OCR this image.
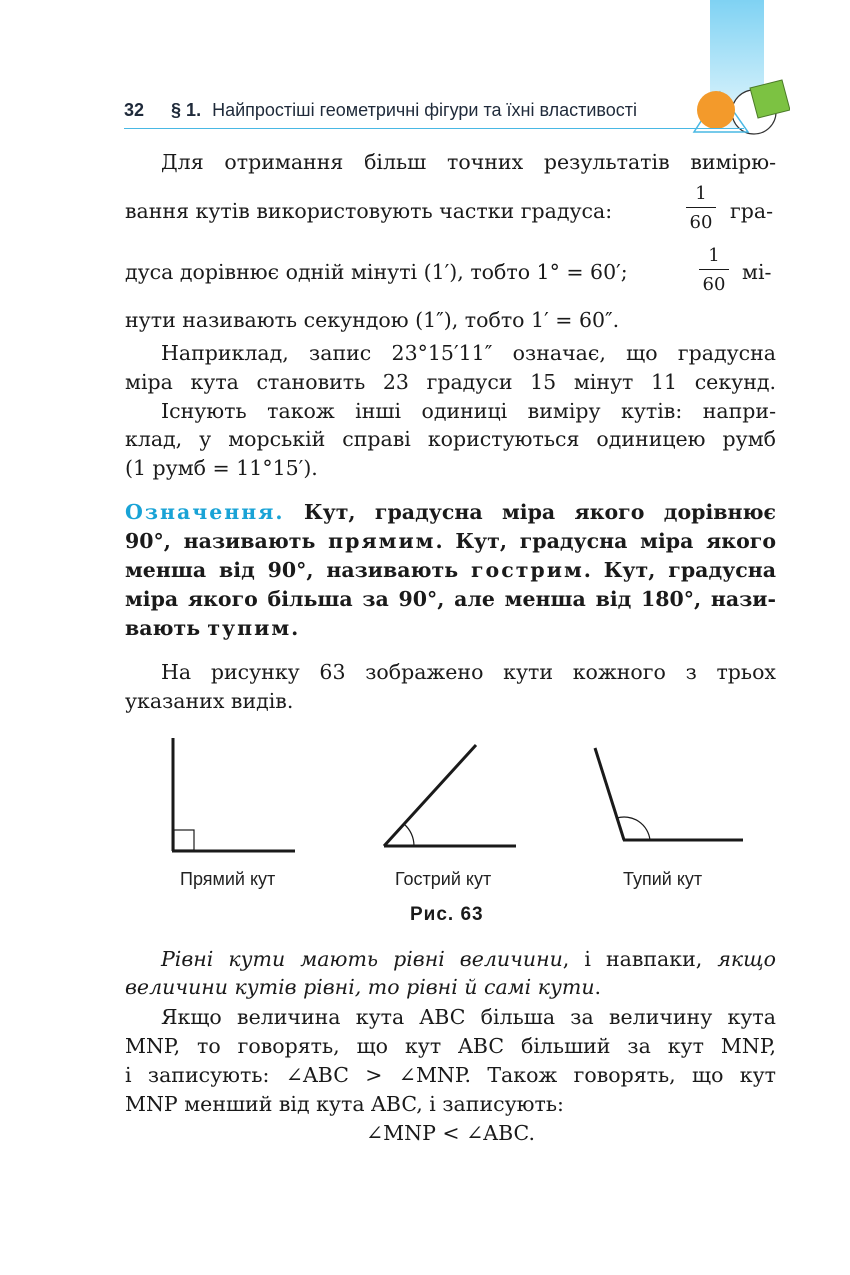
32 § 1. Найпростіші геометричні фігури та їхні властивості
Для отримання більш точних результатів вимірю-
вання кутів використовують частки градуса:
1
60 гра-
дуса дорівнює одній мінуті (1′), тобто 1° = 60′;
1
60
мі-
нути називають секундою (1″), тобто 1′ = 60″.
Наприклад, запис 23°15′11″ означає, що градусна
міра кута становить 23 градуси 15 мінут 11 секунд.
Існують також інші одиниці виміру кутів: напри-
клад, у морській справі користуються одиницею румб
(1 румб = 11°15′).
Означення. Кут, градусна міра якого дорівнює
90°, називають прямим. Кут, градусна міра якого
менша від 90°, називають гострим. Кут, градусна
міра якого більша за 90°, але менша від 180°, нази-
вають тупим.
На рисунку 63 зображено кути кожного з трьох
указаних видів.
Прямий кут	Гострий кут	Тупий кут
Рис. 63
Рівні кути мають рівні величини, і навпаки, якщо
величини кутів рівні, то рівні й самі кути.
Якщо величина кута ABC більша за величину кута
MNP, то говорять, що кут ABC більший за кут MNP,
і записують: ∠ABC > ∠MNP. Також говорять, що кут
MNP менший від кута ABC, і записують:
∠MNP < ∠ABC.
